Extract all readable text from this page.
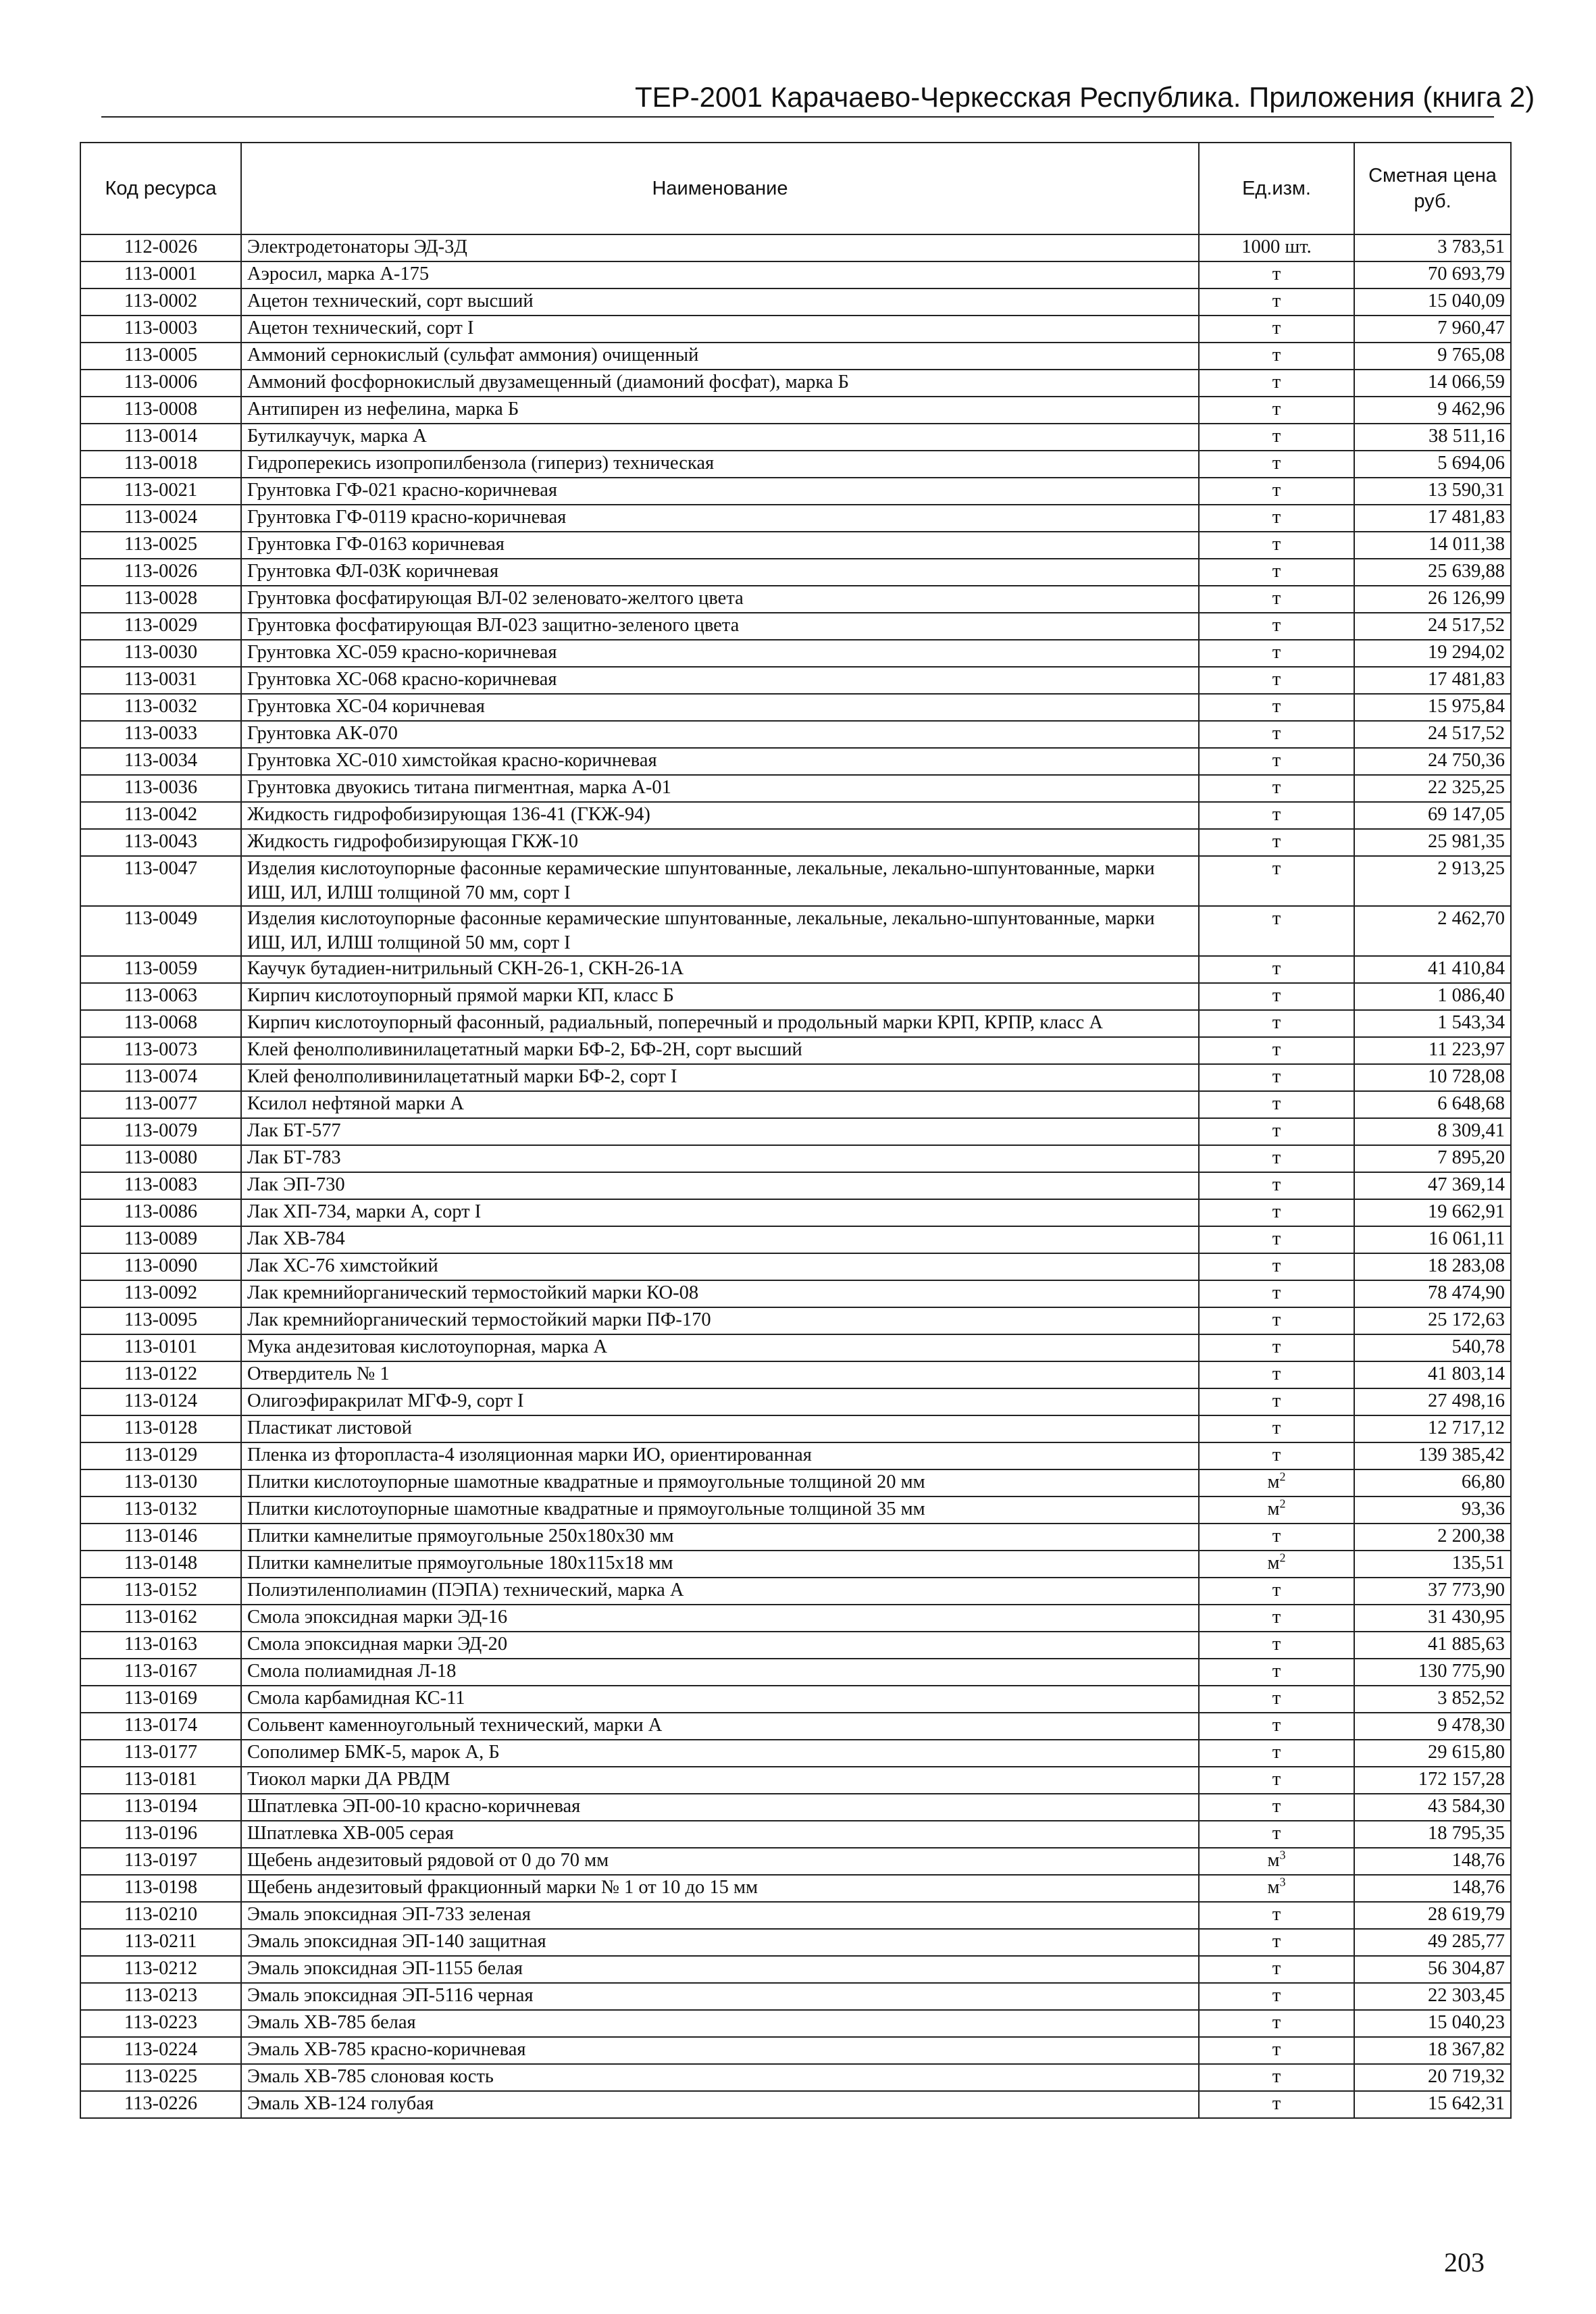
ТЕР-2001 Карачаево-Черкесская Республика. Приложения (книга 2)
Код ресурса	Наименование	Ед.изм.	Сметная цена руб.
112-0026	Электродетонаторы ЭД-3Д	1000 шт.	3 783,51
113-0001	Аэросил, марка А-175	т	70 693,79
113-0002	Ацетон технический, сорт высший	т	15 040,09
113-0003	Ацетон технический, сорт I	т	7 960,47
113-0005	Аммоний сернокислый (сульфат аммония) очищенный	т	9 765,08
113-0006	Аммоний фосфорнокислый двузамещенный (диамоний фосфат), марка Б	т	14 066,59
113-0008	Антипирен из нефелина, марка Б	т	9 462,96
113-0014	Бутилкаучук, марка А	т	38 511,16
113-0018	Гидроперекись изопропилбензола (гипериз) техническая	т	5 694,06
113-0021	Грунтовка ГФ-021 красно-коричневая	т	13 590,31
113-0024	Грунтовка ГФ-0119 красно-коричневая	т	17 481,83
113-0025	Грунтовка ГФ-0163 коричневая	т	14 011,38
113-0026	Грунтовка ФЛ-03К коричневая	т	25 639,88
113-0028	Грунтовка фосфатирующая ВЛ-02 зеленовато-желтого цвета	т	26 126,99
113-0029	Грунтовка фосфатирующая ВЛ-023 защитно-зеленого цвета	т	24 517,52
113-0030	Грунтовка ХС-059 красно-коричневая	т	19 294,02
113-0031	Грунтовка ХС-068 красно-коричневая	т	17 481,83
113-0032	Грунтовка ХС-04 коричневая	т	15 975,84
113-0033	Грунтовка АК-070	т	24 517,52
113-0034	Грунтовка ХС-010 химстойкая красно-коричневая	т	24 750,36
113-0036	Грунтовка двуокись титана пигментная, марка А-01	т	22 325,25
113-0042	Жидкость гидрофобизирующая 136-41 (ГКЖ-94)	т	69 147,05
113-0043	Жидкость гидрофобизирующая ГКЖ-10	т	25 981,35
113-0047	Изделия кислотоупорные фасонные керамические шпунтованные, лекальные, лекально-шпунтованные, марки ИШ, ИЛ, ИЛШ толщиной 70 мм, сорт I	т	2 913,25
113-0049	Изделия кислотоупорные фасонные керамические шпунтованные, лекальные, лекально-шпунтованные, марки ИШ, ИЛ, ИЛШ толщиной 50 мм, сорт I	т	2 462,70
113-0059	Каучук бутадиен-нитрильный СКН-26-1, СКН-26-1А	т	41 410,84
113-0063	Кирпич кислотоупорный прямой марки КП, класс Б	т	1 086,40
113-0068	Кирпич кислотоупорный фасонный, радиальный, поперечный и продольный марки КРП, КРПР, класс А	т	1 543,34
113-0073	Клей фенолполивинилацетатный марки БФ-2, БФ-2Н, сорт высший	т	11 223,97
113-0074	Клей фенолполивинилацетатный марки БФ-2, сорт I	т	10 728,08
113-0077	Ксилол нефтяной марки А	т	6 648,68
113-0079	Лак БТ-577	т	8 309,41
113-0080	Лак БТ-783	т	7 895,20
113-0083	Лак ЭП-730	т	47 369,14
113-0086	Лак ХП-734, марки А, сорт I	т	19 662,91
113-0089	Лак ХВ-784	т	16 061,11
113-0090	Лак ХС-76 химстойкий	т	18 283,08
113-0092	Лак кремнийорганический термостойкий марки КО-08	т	78 474,90
113-0095	Лак кремнийорганический термостойкий марки ПФ-170	т	25 172,63
113-0101	Мука андезитовая кислотоупорная, марка А	т	540,78
113-0122	Отвердитель № 1	т	41 803,14
113-0124	Олигоэфиракрилат МГФ-9, сорт I	т	27 498,16
113-0128	Пластикат листовой	т	12 717,12
113-0129	Пленка из фторопласта-4 изоляционная марки ИО, ориентированная	т	139 385,42
113-0130	Плитки кислотоупорные шамотные квадратные и прямоугольные толщиной 20 мм	$м^2$	66,80
113-0132	Плитки кислотоупорные шамотные квадратные и прямоугольные толщиной 35 мм	$м^2$	93,36
113-0146	Плитки камнелитые прямоугольные 250х180х30 мм	т	2 200,38
113-0148	Плитки камнелитые прямоугольные 180х115х18 мм	$м^2$	135,51
113-0152	Полиэтиленполиамин (ПЭПА) технический, марка А	т	37 773,90
113-0162	Смола эпоксидная марки ЭД-16	т	31 430,95
113-0163	Смола эпоксидная марки ЭД-20	т	41 885,63
113-0167	Смола полиамидная Л-18	т	130 775,90
113-0169	Смола карбамидная КС-11	т	3 852,52
113-0174	Сольвент каменноугольный технический, марки А	т	9 478,30
113-0177	Сополимер БМК-5, марок А, Б	т	29 615,80
113-0181	Тиокол марки ДА РВДМ	т	172 157,28
113-0194	Шпатлевка ЭП-00-10 красно-коричневая	т	43 584,30
113-0196	Шпатлевка ХВ-005 серая	т	18 795,35
113-0197	Щебень андезитовый рядовой от 0 до 70 мм	$м^3$	148,76
113-0198	Щебень андезитовый фракционный марки № 1 от 10 до 15 мм	$м^3$	148,76
113-0210	Эмаль эпоксидная ЭП-733 зеленая	т	28 619,79
113-0211	Эмаль эпоксидная ЭП-140 защитная	т	49 285,77
113-0212	Эмаль эпоксидная ЭП-1155 белая	т	56 304,87
113-0213	Эмаль эпоксидная ЭП-5116 черная	т	22 303,45
113-0223	Эмаль ХВ-785 белая	т	15 040,23
113-0224	Эмаль ХВ-785 красно-коричневая	т	18 367,82
113-0225	Эмаль ХВ-785 слоновая кость	т	20 719,32
113-0226	Эмаль ХВ-124 голубая	т	15 642,31
203
